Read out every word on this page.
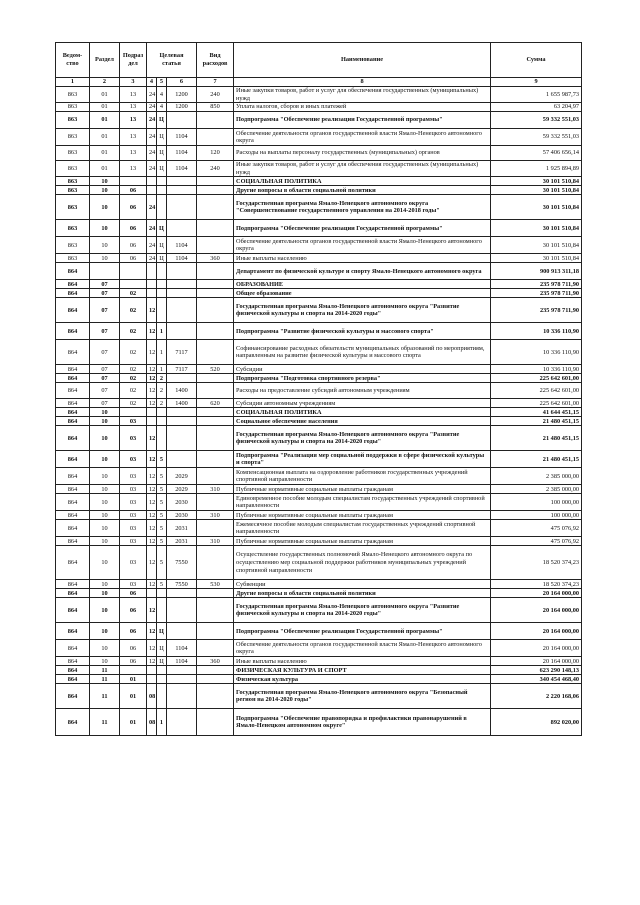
Ведом-
ство	Раздел	Подраз
дел	Целевая
статья			Вид
расходов	Наименование	Сумма
1	2	3	4	5	6	7	8	9
863	01	13	24	4	1200	240	Иные закупки товаров, работ и услуг для обеспечения государственных (муниципальных) нужд	1 655 987,73
863	01	13	24	4	1200	850	Уплата налогов, сборов и иных платежей	63 204,97
863	01	13	24	Ц			Подпрограмма "Обеспечение реализации Государственной программы"	59 332 551,03
863	01	13	24	Ц	1104		Обеспечение деятельности органов государственной власти Ямало-Ненецкого автономного округа	59 332 551,03
863	01	13	24	Ц	1104	120	Расходы на выплаты персоналу государственных (муниципальных) органов	57 406 656,14
863	01	13	24	Ц	1104	240	Иные закупки товаров, работ и услуг для обеспечения государственных (муниципальных) нужд	1 925 894,89
863	10						СОЦИАЛЬНАЯ ПОЛИТИКА	30 101 510,84
863	10	06					Другие вопросы в области социальной политики	30 101 510,84
863	10	06	24				Государственная программа Ямало-Ненецкого автономного округа "Совершенствование государственного управления на 2014-2018 годы"	30 101 510,84
863	10	06	24	Ц			Подпрограмма "Обеспечение реализации Государственной программы"	30 101 510,84
863	10	06	24	Ц	1104		Обеспечение деятельности органов государственной власти Ямало-Ненецкого автономного округа	30 101 510,84
863	10	06	24	Ц	1104	360	Иные выплаты населению	30 101 510,84
864							Департамент по физической культуре и спорту Ямало-Ненецкого автономного округа	900 913 311,18
864	07						ОБРАЗОВАНИЕ	235 978 711,90
864	07	02					Общее образование	235 978 711,90
864	07	02	12				Государственная программа Ямало-Ненецкого автономного округа "Развитие физической культуры и спорта на 2014-2020 годы"	235 978 711,90
864	07	02	12	1			Подпрограмма "Развитие физической культуры и массового спорта"	10 336 110,90
864	07	02	12	1	7117		Софинансирование расходных обязательств муниципальных образований по мероприятиям, направленным на развитие физической культуры и массового спорта	10 336 110,90
864	07	02	12	1	7117	520	Субсидии	10 336 110,90
864	07	02	12	2			Подпрограмма "Подготовка спортивного резерва"	225 642 601,00
864	07	02	12	2	1400		Расходы на предоставление субсидий автономным учреждениям	225 642 601,00
864	07	02	12	2	1400	620	Субсидии автономным учреждениям	225 642 601,00
864	10						СОЦИАЛЬНАЯ ПОЛИТИКА	41 644 451,15
864	10	03					Социальное обеспечение населения	21 480 451,15
864	10	03	12				Государственная программа Ямало-Ненецкого автономного округа "Развитие физической культуры и спорта на 2014-2020 годы"	21 480 451,15
864	10	03	12	5			Подпрограмма "Реализация мер социальной поддержки в сфере физической культуры и спорта"	21 480 451,15
864	10	03	12	5	2029		Компенсационная выплата на оздоровление работников государственных учреждений спортивной направленности	2 385 000,00
864	10	03	12	5	2029	310	Публичные нормативные социальные выплаты гражданам	2 385 000,00
864	10	03	12	5	2030		Единовременное пособие молодым специалистам государственных учреждений спортивной направленности	100 000,00
864	10	03	12	5	2030	310	Публичные нормативные социальные выплаты гражданам	100 000,00
864	10	03	12	5	2031		Ежемесячное пособие молодым специалистам государственных учреждений спортивной направленности	475 076,92
864	10	03	12	5	2031	310	Публичные нормативные социальные выплаты гражданам	475 076,92
864	10	03	12	5	7550		Осуществление государственных полномочий Ямало-Ненецкого автономного округа по осуществлению мер социальной поддержки работников муниципальных учреждений спортивной направленности	18 520 374,23
864	10	03	12	5	7550	530	Субвенции	18 520 374,23
864	10	06					Другие вопросы в области социальной политики	20 164 000,00
864	10	06	12				Государственная программа Ямало-Ненецкого автономного округа "Развитие физической культуры и спорта на 2014-2020 годы"	20 164 000,00
864	10	06	12	Ц			Подпрограмма "Обеспечение реализации Государственной программы"	20 164 000,00
864	10	06	12	Ц	1104		Обеспечение деятельности органов государственной власти Ямало-Ненецкого автономного округа	20 164 000,00
864	10	06	12	Ц	1104	360	Иные выплаты населению	20 164 000,00
864	11						ФИЗИЧЕСКАЯ КУЛЬТУРА И СПОРТ	623 290 148,13
864	11	01					Физическая культура	340 454 468,40
864	11	01	08				Государственная программа Ямало-Ненецкого автономного округа "Безопасный регион на 2014-2020 годы"	2 220 168,06
864	11	01	08	1			Подпрограмма "Обеспечение правопорядка и профилактики правонарушений в Ямало-Ненецком автономном округе"	892 020,00
